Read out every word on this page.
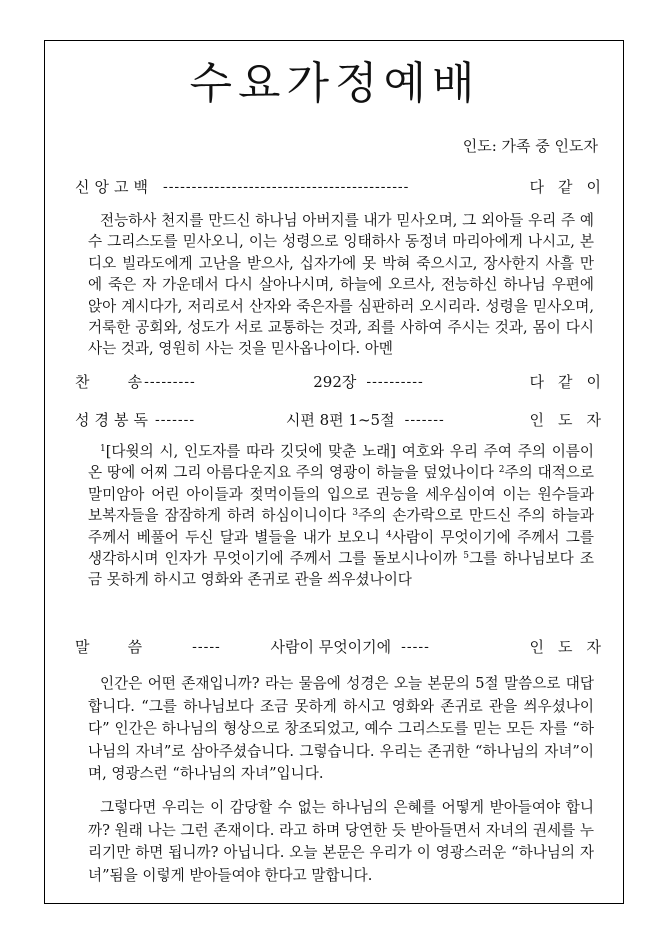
수요가정예배
인도: 가족 중 인도자
신앙고백 -------------------------------------------	다같이
전능하사 천지를 만드신 하나님 아버지를 내가 믿사오며, 그 외아들 우리 주 예수 그리스도를 믿사오니, 이는 성령으로 잉태하사 동정녀 마리아에게 나시고, 본디오 빌라도에게 고난을 받으사, 십자가에 못 박혀 죽으시고, 장사한지 사흘 만에 죽은 자 가운데서 다시 살아나시며, 하늘에 오르사, 전능하신 하나님 우편에 앉아 계시다가, 저리로서 산자와 죽은자를 심판하러 오시리라. 성령을 믿사오며, 거룩한 공회와, 성도가 서로 교통하는 것과, 죄를 사하여 주시는 것과, 몸이 다시 사는 것과, 영원히 사는 것을 믿사옵나이다. 아멘
찬        송 ---------	292장 ----------	다같이
성경봉독 -------	시편 8편 1~5절 -------	인도자
$^1$[다윗의 시, 인도자를 따라 깃딧에 맞춘 노래] 여호와 우리 주여 주의 이름이 온 땅에 어찌 그리 아름다운지요 주의 영광이 하늘을 덮었나이다 $^2$주의 대적으로 말미암아 어린 아이들과 젖먹이들의 입으로 권능을 세우심이여 이는 원수들과 보복자들을 잠잠하게 하려 하심이니이다 $^3$주의 손가락으로 만드신 주의 하늘과 주께서 베풀어 두신 달과 별들을 내가 보오니 $^4$사람이 무엇이기에 주께서 그를 생각하시며 인자가 무엇이기에 주께서 그를 돌보시나이까 $^5$그를 하나님보다 조금 못하게 하시고 영화와 존귀로 관을 씌우셨나이다
말        씀	-----	사람이 무엇이기에 -----	인도자
인간은 어떤 존재입니까? 라는 물음에 성경은 오늘 본문의 5절 말씀으로 대답합니다. “그를 하나님보다 조금 못하게 하시고 영화와 존귀로 관을 씌우셨나이다” 인간은 하나님의 형상으로 창조되었고, 예수 그리스도를 믿는 모든 자를 “하나님의 자녀”로 삼아주셨습니다. 그렇습니다. 우리는 존귀한 “하나님의 자녀”이며, 영광스런 “하나님의 자녀”입니다.
그렇다면 우리는 이 감당할 수 없는 하나님의 은혜를 어떻게 받아들여야 합니까? 원래 나는 그런 존재이다. 라고 하며 당연한 듯 받아들면서 자녀의 권세를 누리기만 하면 됩니까? 아닙니다. 오늘 본문은 우리가 이 영광스러운 “하나님의 자녀”됨을 이렇게 받아들여야 한다고 말합니다.
